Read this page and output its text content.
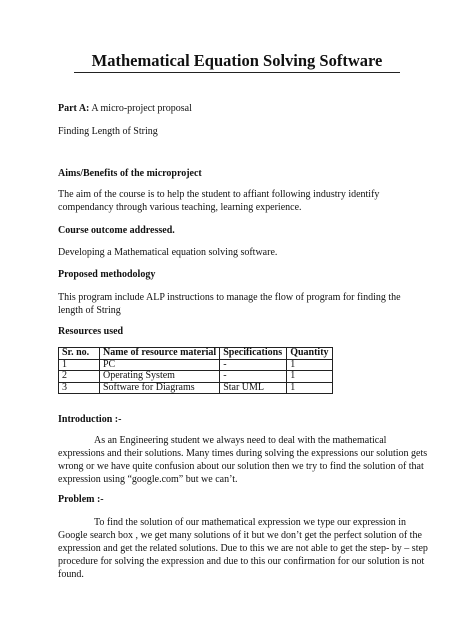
Mathematical Equation Solving Software
Part A: A micro-project proposal
Finding Length of String
Aims/Benefits of the microproject
The aim of the course is to help the student to affiant following industry identify compendancy through various teaching, learning experience.
Course outcome addressed.
Developing a Mathematical equation solving software.
Proposed methodology
This program include ALP instructions to manage the flow of program for finding the length of String
Resources used
Sr. no.	Name of resource material	Specifications	Quantity
1	PC	-	1
2	Operating System	-	1
3	Software for Diagrams	Star UML	1
Introduction :-
As an Engineering student we always need to deal with the mathematical expressions and their solutions. Many times during solving the expressions our solution gets wrong or we have quite confusion about our solution then we try to find the solution of that expression using “google.com” but we can’t.
Problem :-
To find the solution of our mathematical expression we type our expression in Google search box , we get many solutions of it but we don’t get the perfect solution of the expression and get the related solutions. Due to this we are not able to get the step- by – step procedure for solving the expression and due to this our confirmation for our solution is not found.
